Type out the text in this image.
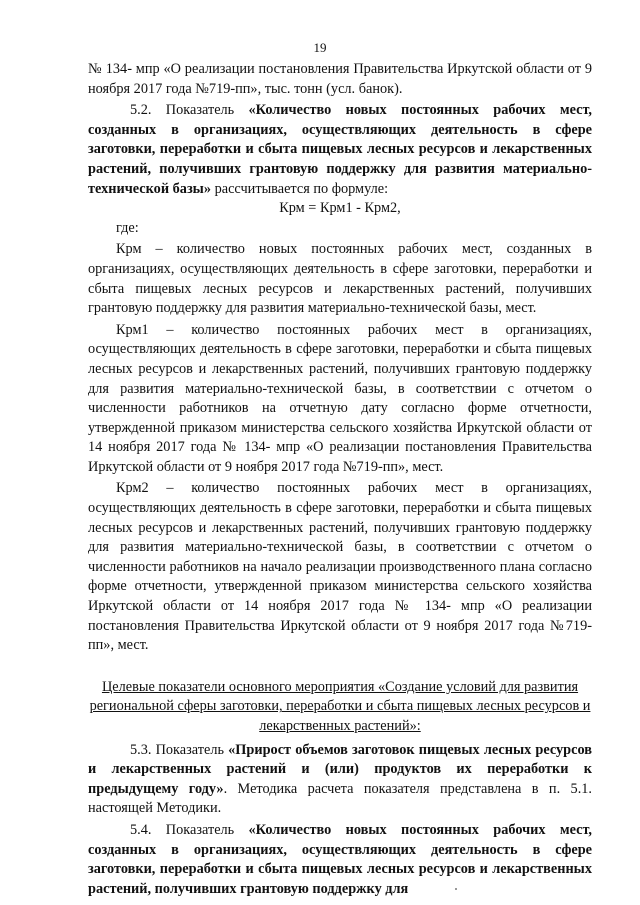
19

№ 134- мпр «О реализации постановления Правительства Иркутской области от 9 ноября 2017 года №719-пп», тыс. тонн (усл. банок).

5.2. Показатель «Количество новых постоянных рабочих мест, созданных в организациях, осуществляющих деятельность в сфере заготовки, переработки и сбыта пищевых лесных ресурсов и лекарственных растений, получивших грантовую поддержку для развития материально-технической базы» рассчитывается по формуле:

Крм = Крм1 - Крм2,

где:

Крм – количество новых постоянных рабочих мест, созданных в организациях, осуществляющих деятельность в сфере заготовки, переработки и сбыта пищевых лесных ресурсов и лекарственных растений, получивших грантовую поддержку для развития материально-технической базы, мест.

Крм1 – количество постоянных рабочих мест в организациях, осуществляющих деятельность в сфере заготовки, переработки и сбыта пищевых лесных ресурсов и лекарственных растений, получивших грантовую поддержку для развития материально-технической базы, в соответствии с отчетом о численности работников на отчетную дату согласно форме отчетности, утвержденной приказом министерства сельского хозяйства Иркутской области от 14 ноября 2017 года № 134- мпр «О реализации постановления Правительства Иркутской области от 9 ноября 2017 года №719-пп», мест.

Крм2 – количество постоянных рабочих мест в организациях, осуществляющих деятельность в сфере заготовки, переработки и сбыта пищевых лесных ресурсов и лекарственных растений, получивших грантовую поддержку для развития материально-технической базы, в соответствии с отчетом о численности работников на начало реализации производственного плана согласно форме отчетности, утвержденной приказом министерства сельского хозяйства Иркутской области от 14 ноября 2017 года № 134- мпр «О реализации постановления Правительства Иркутской области от 9 ноября 2017 года №719-пп», мест.

Целевые показатели основного мероприятия «Создание условий для развития региональной сферы заготовки, переработки и сбыта пищевых лесных ресурсов и лекарственных растений»:

5.3. Показатель «Прирост объемов заготовок пищевых лесных ресурсов и лекарственных растений и (или) продуктов их переработки к предыдущему году». Методика расчета показателя представлена в п. 5.1. настоящей Методики.

5.4. Показатель «Количество новых постоянных рабочих мест, созданных в организациях, осуществляющих деятельность в сфере заготовки, переработки и сбыта пищевых лесных ресурсов и лекарственных растений, получивших грантовую поддержку для
